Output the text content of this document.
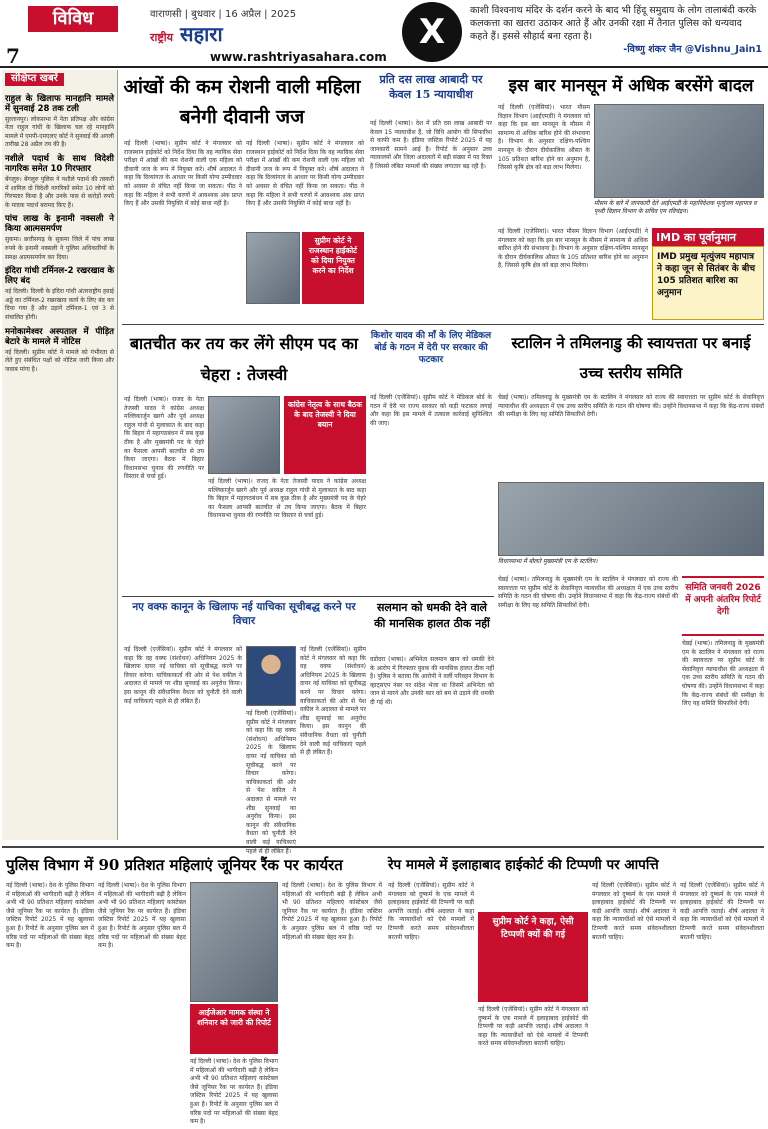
विविध
7
वाराणसी | बुधवार | 16 अप्रैल | 2025
राष्ट्रीय सहारा
www.rashtriyasahara.com
X
काशी विश्वनाथ मंदिर के दर्शन करने के बाद भी हिंदू समुदाय के लोग तालाबंदी करके कलकत्ता का खतरा उठाकर आते हैं और उनकी रक्षा में तैनात पुलिस को धन्यवाद कहते हैं। इससे सौहार्द बना रहता है।
-विष्णु शंकर जैन @Vishnu_Jain1
संक्षिप्त खबरें
राहुल के खिलाफ मानहानि मामले में सुनवाई 28 तक टली

सुल्तानपुर। लोकसभा में नेता प्रतिपक्ष और कांग्रेस नेता राहुल गांधी के खिलाफ चल रहे मानहानि मामले में एमपी-एमएलए कोर्ट ने सुनवाई की अगली तारीख 28 अप्रैल तय की है।

नशीले पदार्थ के साथ विदेशी नागरिक समेत 10 गिरफ्तार

बेंगलुरु। बेंगलुरु पुलिस ने नशीले पदार्थ की तस्करी में शामिल दो विदेशी नागरिकों समेत 10 लोगों को गिरफ्तार किया है और उनके पास से करोड़ों रुपये के मादक पदार्थ बरामद किए हैं।

पांच लाख के इनामी नक्सली ने किया आत्मसमर्पण

सुकमा। छत्तीसगढ़ के सुकमा जिले में पांच लाख रुपये के इनामी नक्सली ने पुलिस अधिकारियों के समक्ष आत्मसमर्पण कर दिया।

इंदिरा गांधी टर्मिनल-2 रखरखाव के लिए बंद

नई दिल्ली। दिल्ली के इंदिरा गांधी अंतरराष्ट्रीय हवाई अड्डे का टर्मिनल-2 रखरखाव कार्य के लिए बंद कर दिया गया है और उड़ानें टर्मिनल-1 एवं 3 से संचालित होंगी।

मनोकामेश्वर अस्पताल में पीड़ित बेटारे के मामले में नोटिस

नई दिल्ली। सुप्रीम कोर्ट ने मामले को गंभीरता से लेते हुए संबंधित पक्षों को नोटिस जारी किया और जवाब मांगा है।

आंखों की कम रोशनी वाली महिला बनेगी दीवानी जज
नई दिल्ली (भाषा)। सुप्रीम कोर्ट ने मंगलवार को राजस्थान हाईकोर्ट को निर्देश दिया कि वह न्यायिक सेवा परीक्षा में आंखों की कम रोशनी वाली एक महिला को दीवानी जज के रूप में नियुक्त करे। शीर्ष अदालत ने कहा कि दिव्यांगता के आधार पर किसी योग्य उम्मीदवार को अवसर से वंचित नहीं किया जा सकता। पीठ ने कहा कि महिला ने सभी चरणों में आवश्यक अंक प्राप्त किए हैं और उसकी नियुक्ति में कोई बाधा नहीं है।
नई दिल्ली (भाषा)। सुप्रीम कोर्ट ने मंगलवार को राजस्थान हाईकोर्ट को निर्देश दिया कि वह न्यायिक सेवा परीक्षा में आंखों की कम रोशनी वाली एक महिला को दीवानी जज के रूप में नियुक्त करे। शीर्ष अदालत ने कहा कि दिव्यांगता के आधार पर किसी योग्य उम्मीदवार को अवसर से वंचित नहीं किया जा सकता। पीठ ने कहा कि महिला ने सभी चरणों में आवश्यक अंक प्राप्त किए हैं और उसकी नियुक्ति में कोई बाधा नहीं है।
सुप्रीम कोर्ट ने राजस्थान हाईकोर्ट को दिया नियुक्त करने का निर्देश
प्रति दस लाख आबादी पर केवल 15 न्यायाधीश
नई दिल्ली (भाषा)। देश में प्रति दस लाख आबादी पर केवल 15 न्यायाधीश हैं, जो विधि आयोग की सिफारिश से काफी कम है। इंडिया जस्टिस रिपोर्ट 2025 में यह जानकारी सामने आई है। रिपोर्ट के अनुसार उच्च न्यायालयों और जिला अदालतों में बड़ी संख्या में पद रिक्त हैं जिससे लंबित मामलों की संख्या लगातार बढ़ रही है।
इस बार मानसून में अधिक बरसेंगे बादल
नई दिल्ली (एजेंसियां)। भारत मौसम विज्ञान विभाग (आईएमडी) ने मंगलवार को कहा कि इस बार मानसून के मौसम में सामान्य से अधिक बारिश होने की संभावना है। विभाग के अनुसार दक्षिण-पश्चिम मानसून के दौरान दीर्घकालिक औसत के 105 प्रतिशत बारिश होने का अनुमान है, जिससे कृषि क्षेत्र को बड़ा लाभ मिलेगा।
मौसम के बारे में जानकारी देते आईएमडी के महानिदेशक मृत्युंजय महापात्र व पृथ्वी विज्ञान विभाग के सचिव एम रविचंद्रन।
नई दिल्ली (एजेंसियां)। भारत मौसम विज्ञान विभाग (आईएमडी) ने मंगलवार को कहा कि इस बार मानसून के मौसम में सामान्य से अधिक बारिश होने की संभावना है। विभाग के अनुसार दक्षिण-पश्चिम मानसून के दौरान दीर्घकालिक औसत के 105 प्रतिशत बारिश होने का अनुमान है, जिससे कृषि क्षेत्र को बड़ा लाभ मिलेगा।
IMD का पूर्वानुमान
IMD प्रमुख मृत्युंजय महापात्र ने कहा जून से सितंबर के बीच 105 प्रतिशत बारिश का अनुमान
बातचीत कर तय कर लेंगे सीएम पद का चेहरा : तेजस्वी
नई दिल्ली (भाषा)। राजद के नेता तेजस्वी यादव ने कांग्रेस अध्यक्ष मल्लिकार्जुन खरगे और पूर्व अध्यक्ष राहुल गांधी से मुलाकात के बाद कहा कि बिहार में महागठबंधन में सब कुछ ठीक है और मुख्यमंत्री पद के चेहरे का फैसला आपसी बातचीत से तय किया जाएगा। बैठक में बिहार विधानसभा चुनाव की रणनीति पर विस्तार से चर्चा हुई।
कांग्रेस नेतृत्व के साथ बैठक के बाद तेजस्वी ने दिया बयान
नई दिल्ली (भाषा)। राजद के नेता तेजस्वी यादव ने कांग्रेस अध्यक्ष मल्लिकार्जुन खरगे और पूर्व अध्यक्ष राहुल गांधी से मुलाकात के बाद कहा कि बिहार में महागठबंधन में सब कुछ ठीक है और मुख्यमंत्री पद के चेहरे का फैसला आपसी बातचीत से तय किया जाएगा। बैठक में बिहार विधानसभा चुनाव की रणनीति पर विस्तार से चर्चा हुई।
किशोर यादव की माँ के लिए मेडिकल बोर्ड के गठन में देरी पर सरकार की फटकार
नई दिल्ली (एजेंसियां)। सुप्रीम कोर्ट ने मेडिकल बोर्ड के गठन में देरी पर राज्य सरकार को कड़ी फटकार लगाई और कहा कि इस मामले में तत्काल कार्रवाई सुनिश्चित की जाए।
स्टालिन ने तमिलनाडु की स्वायत्तता पर बनाई उच्च स्तरीय समिति
चेन्नई (भाषा)। तमिलनाडु के मुख्यमंत्री एम के स्टालिन ने मंगलवार को राज्य की स्वायत्तता पर सुप्रीम कोर्ट के सेवानिवृत्त न्यायाधीश की अध्यक्षता में एक उच्च स्तरीय समिति के गठन की घोषणा की। उन्होंने विधानसभा में कहा कि केंद्र-राज्य संबंधों की समीक्षा के लिए यह समिति सिफारिशें देगी।
विधानसभा में बोलते मुख्यमंत्री एम के स्टालिन।
चेन्नई (भाषा)। तमिलनाडु के मुख्यमंत्री एम के स्टालिन ने मंगलवार को राज्य की स्वायत्तता पर सुप्रीम कोर्ट के सेवानिवृत्त न्यायाधीश की अध्यक्षता में एक उच्च स्तरीय समिति के गठन की घोषणा की। उन्होंने विधानसभा में कहा कि केंद्र-राज्य संबंधों की समीक्षा के लिए यह समिति सिफारिशें देगी।
समिति जनवरी 2026 में अपनी अंतरिम रिपोर्ट देगी
चेन्नई (भाषा)। तमिलनाडु के मुख्यमंत्री एम के स्टालिन ने मंगलवार को राज्य की स्वायत्तता पर सुप्रीम कोर्ट के सेवानिवृत्त न्यायाधीश की अध्यक्षता में एक उच्च स्तरीय समिति के गठन की घोषणा की। उन्होंने विधानसभा में कहा कि केंद्र-राज्य संबंधों की समीक्षा के लिए यह समिति सिफारिशें देगी।
नए वक्फ कानून के खिलाफ नई याचिका सूचीबद्ध करने पर विचार
नई दिल्ली (एजेंसियां)। सुप्रीम कोर्ट ने मंगलवार को कहा कि वह वक्फ (संशोधन) अधिनियम 2025 के खिलाफ दायर नई याचिका को सूचीबद्ध करने पर विचार करेगा। याचिकाकर्ता की ओर से पेश वकील ने अदालत से मामले पर शीघ्र सुनवाई का अनुरोध किया। इस कानून की संवैधानिक वैधता को चुनौती देने वाली कई याचिकाएं पहले से ही लंबित हैं।
नई दिल्ली (एजेंसियां)। सुप्रीम कोर्ट ने मंगलवार को कहा कि वह वक्फ (संशोधन) अधिनियम 2025 के खिलाफ दायर नई याचिका को सूचीबद्ध करने पर विचार करेगा। याचिकाकर्ता की ओर से पेश वकील ने अदालत से मामले पर शीघ्र सुनवाई का अनुरोध किया। इस कानून की संवैधानिक वैधता को चुनौती देने वाली कई याचिकाएं पहले से ही लंबित हैं।
नई दिल्ली (एजेंसियां)। सुप्रीम कोर्ट ने मंगलवार को कहा कि वह वक्फ (संशोधन) अधिनियम 2025 के खिलाफ दायर नई याचिका को सूचीबद्ध करने पर विचार करेगा। याचिकाकर्ता की ओर से पेश वकील ने अदालत से मामले पर शीघ्र सुनवाई का अनुरोध किया। इस कानून की संवैधानिक वैधता को चुनौती देने वाली कई याचिकाएं पहले से ही लंबित हैं।
सलमान को धमकी देने वाले की मानसिक हालत ठीक नहीं
वडोदरा (भाषा)। अभिनेता सलमान खान को धमकी देने के आरोप में गिरफ्तार युवक की मानसिक हालत ठीक नहीं है। पुलिस ने बताया कि आरोपी ने वर्ली परिवहन विभाग के व्हाट्सएप नंबर पर संदेश भेजा था जिसमें अभिनेता को जान से मारने और उनकी कार को बम से उड़ाने की धमकी दी गई थी।
पुलिस विभाग में 90 प्रतिशत महिलाएं जूनियर रैंक पर कार्यरत
नई दिल्ली (भाषा)। देश के पुलिस विभाग में महिलाओं की भागीदारी बढ़ी है लेकिन अभी भी 90 प्रतिशत महिलाएं कांस्टेबल जैसे जूनियर रैंक पर कार्यरत हैं। इंडिया जस्टिस रिपोर्ट 2025 में यह खुलासा हुआ है। रिपोर्ट के अनुसार पुलिस बल में वरिष्ठ पदों पर महिलाओं की संख्या बेहद कम है।
नई दिल्ली (भाषा)। देश के पुलिस विभाग में महिलाओं की भागीदारी बढ़ी है लेकिन अभी भी 90 प्रतिशत महिलाएं कांस्टेबल जैसे जूनियर रैंक पर कार्यरत हैं। इंडिया जस्टिस रिपोर्ट 2025 में यह खुलासा हुआ है। रिपोर्ट के अनुसार पुलिस बल में वरिष्ठ पदों पर महिलाओं की संख्या बेहद कम है।
आईजेआर मामक संस्था ने शनिवार को जारी की रिपोर्ट
नई दिल्ली (भाषा)। देश के पुलिस विभाग में महिलाओं की भागीदारी बढ़ी है लेकिन अभी भी 90 प्रतिशत महिलाएं कांस्टेबल जैसे जूनियर रैंक पर कार्यरत हैं। इंडिया जस्टिस रिपोर्ट 2025 में यह खुलासा हुआ है। रिपोर्ट के अनुसार पुलिस बल में वरिष्ठ पदों पर महिलाओं की संख्या बेहद कम है।
नई दिल्ली (भाषा)। देश के पुलिस विभाग में महिलाओं की भागीदारी बढ़ी है लेकिन अभी भी 90 प्रतिशत महिलाएं कांस्टेबल जैसे जूनियर रैंक पर कार्यरत हैं। इंडिया जस्टिस रिपोर्ट 2025 में यह खुलासा हुआ है। रिपोर्ट के अनुसार पुलिस बल में वरिष्ठ पदों पर महिलाओं की संख्या बेहद कम है।
रेप मामले में इलाहाबाद हाईकोर्ट की टिप्पणी पर आपत्ति
नई दिल्ली (एजेंसियां)। सुप्रीम कोर्ट ने मंगलवार को दुष्कर्म के एक मामले में इलाहाबाद हाईकोर्ट की टिप्पणी पर कड़ी आपत्ति जताई। शीर्ष अदालत ने कहा कि न्यायाधीशों को ऐसे मामलों में टिप्पणी करते समय संवेदनशीलता बरतनी चाहिए।
सुप्रीम कोर्ट ने कहा, ऐसी टिप्पणी क्यों की गई
नई दिल्ली (एजेंसियां)। सुप्रीम कोर्ट ने मंगलवार को दुष्कर्म के एक मामले में इलाहाबाद हाईकोर्ट की टिप्पणी पर कड़ी आपत्ति जताई। शीर्ष अदालत ने कहा कि न्यायाधीशों को ऐसे मामलों में टिप्पणी करते समय संवेदनशीलता बरतनी चाहिए।
नई दिल्ली (एजेंसियां)। सुप्रीम कोर्ट ने मंगलवार को दुष्कर्म के एक मामले में इलाहाबाद हाईकोर्ट की टिप्पणी पर कड़ी आपत्ति जताई। शीर्ष अदालत ने कहा कि न्यायाधीशों को ऐसे मामलों में टिप्पणी करते समय संवेदनशीलता बरतनी चाहिए।
नई दिल्ली (एजेंसियां)। सुप्रीम कोर्ट ने मंगलवार को दुष्कर्म के एक मामले में इलाहाबाद हाईकोर्ट की टिप्पणी पर कड़ी आपत्ति जताई। शीर्ष अदालत ने कहा कि न्यायाधीशों को ऐसे मामलों में टिप्पणी करते समय संवेदनशीलता बरतनी चाहिए।
